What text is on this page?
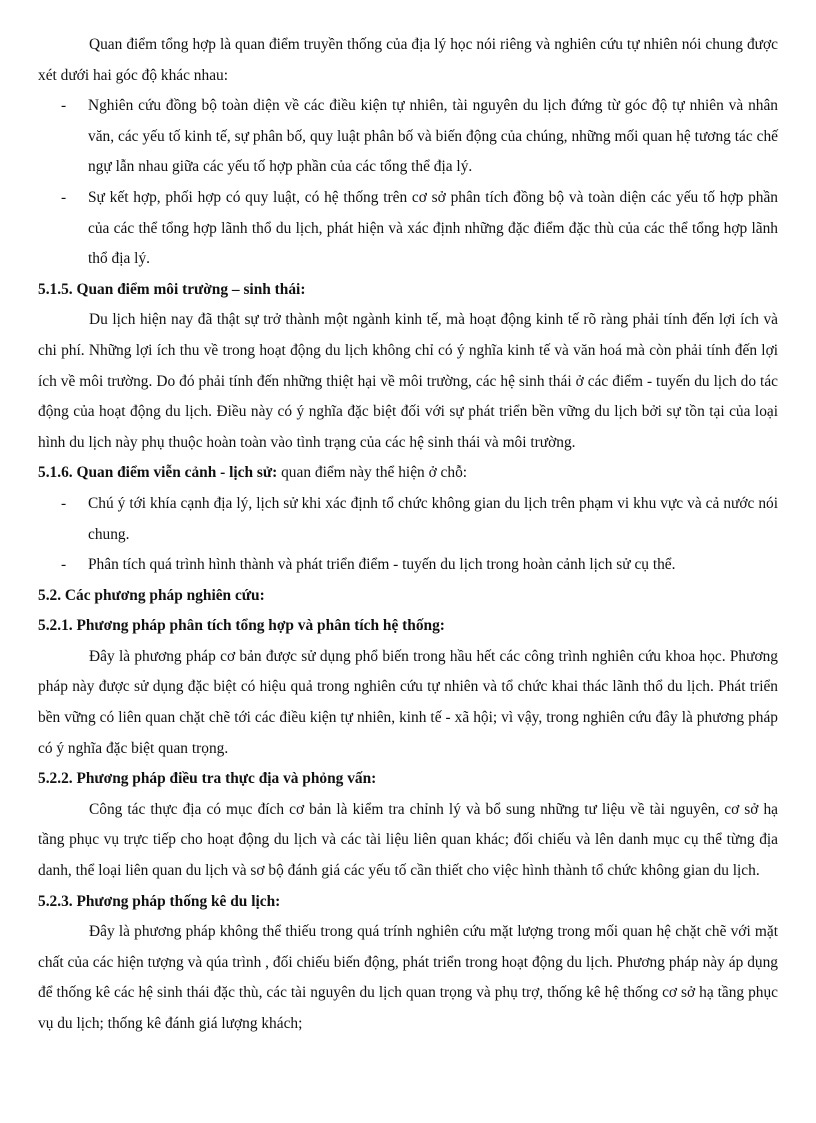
Quan điểm tổng hợp là quan điểm truyền thống của địa lý học nói riêng và nghiên cứu tự nhiên nói chung được xét dưới hai góc độ khác nhau:

- Nghiên cứu đồng bộ toàn diện về các điều kiện tự nhiên, tài nguyên du lịch đứng từ góc độ tự nhiên và nhân văn, các yếu tố kinh tế, sự phân bố, quy luật phân bố và biến động của chúng, những mối quan hệ tương tác chế ngự lẫn nhau giữa các yếu tố hợp phần của các tổng thể địa lý.
- Sự kết hợp, phối hợp có quy luật, có hệ thống trên cơ sở phân tích đồng bộ và toàn diện các yếu tố hợp phần của các thể tổng hợp lãnh thổ du lịch, phát hiện và xác định những đặc điểm đặc thù của các thể tổng hợp lãnh thổ địa lý.

5.1.5. Quan điểm môi trường – sinh thái:

Du lịch hiện nay đã thật sự trở thành một ngành kinh tế, mà hoạt động kinh tế rõ ràng phải tính đến lợi ích và chi phí. Những lợi ích thu về trong hoạt động du lịch không chỉ có ý nghĩa kinh tế và văn hoá mà còn phải tính đến lợi ích về môi trường. Do đó phải tính đến những thiệt hại về môi trường, các hệ sinh thái ở các điểm - tuyến du lịch do tác động của hoạt động du lịch. Điều này có ý nghĩa đặc biệt đối với sự phát triển bền vững du lịch bởi sự tồn tại của loại hình du lịch này phụ thuộc hoàn toàn vào tình trạng của các hệ sinh thái và môi trường.

5.1.6. Quan điểm viễn cảnh - lịch sử: quan điểm này thể hiện ở chỗ:

- Chú ý tới khía cạnh địa lý, lịch sử khi xác định tổ chức không gian du lịch trên phạm vi khu vực và cả nước nói chung.
- Phân tích quá trình hình thành và phát triển điểm - tuyến du lịch trong hoàn cảnh lịch sử cụ thể.

5.2. Các phương pháp nghiên cứu:

5.2.1. Phương pháp phân tích tổng hợp và phân tích hệ thống:

Đây là phương pháp cơ bản được sử dụng phổ biến trong hầu hết các công trình nghiên cứu khoa học. Phương pháp này được sử dụng đặc biệt có hiệu quả trong nghiên cứu tự nhiên và tổ chức khai thác lãnh thổ du lịch. Phát triển bền vững có liên quan chặt chẽ tới các điều kiện tự nhiên, kinh tế - xã hội; vì vậy, trong nghiên cứu đây là phương pháp có ý nghĩa đặc biệt quan trọng.

5.2.2. Phương pháp điều tra thực địa và phỏng vấn:

Công tác thực địa có mục đích cơ bản là kiểm tra chỉnh lý và bổ sung những tư liệu về tài nguyên, cơ sở hạ tầng phục vụ trực tiếp cho hoạt động du lịch và các tài liệu liên quan khác; đối chiếu và lên danh mục cụ thể từng địa danh, thể loại liên quan du lịch và sơ bộ đánh giá các yếu tố cần thiết cho việc hình thành tổ chức không gian du lịch.

5.2.3. Phương pháp thống kê du lịch:

Đây là phương pháp không thể thiếu trong quá trính nghiên cứu mặt lượng trong mối quan hệ chặt chẽ với mặt chất của các hiện tượng và qúa trình , đối chiếu biến động, phát triển trong hoạt động du lịch. Phương pháp này áp dụng để thống kê các hệ sinh thái đặc thù, các tài nguyên du lịch quan trọng và phụ trợ, thống kê hệ thống cơ sở hạ tầng phục vụ du lịch; thống kê đánh giá lượng khách;
